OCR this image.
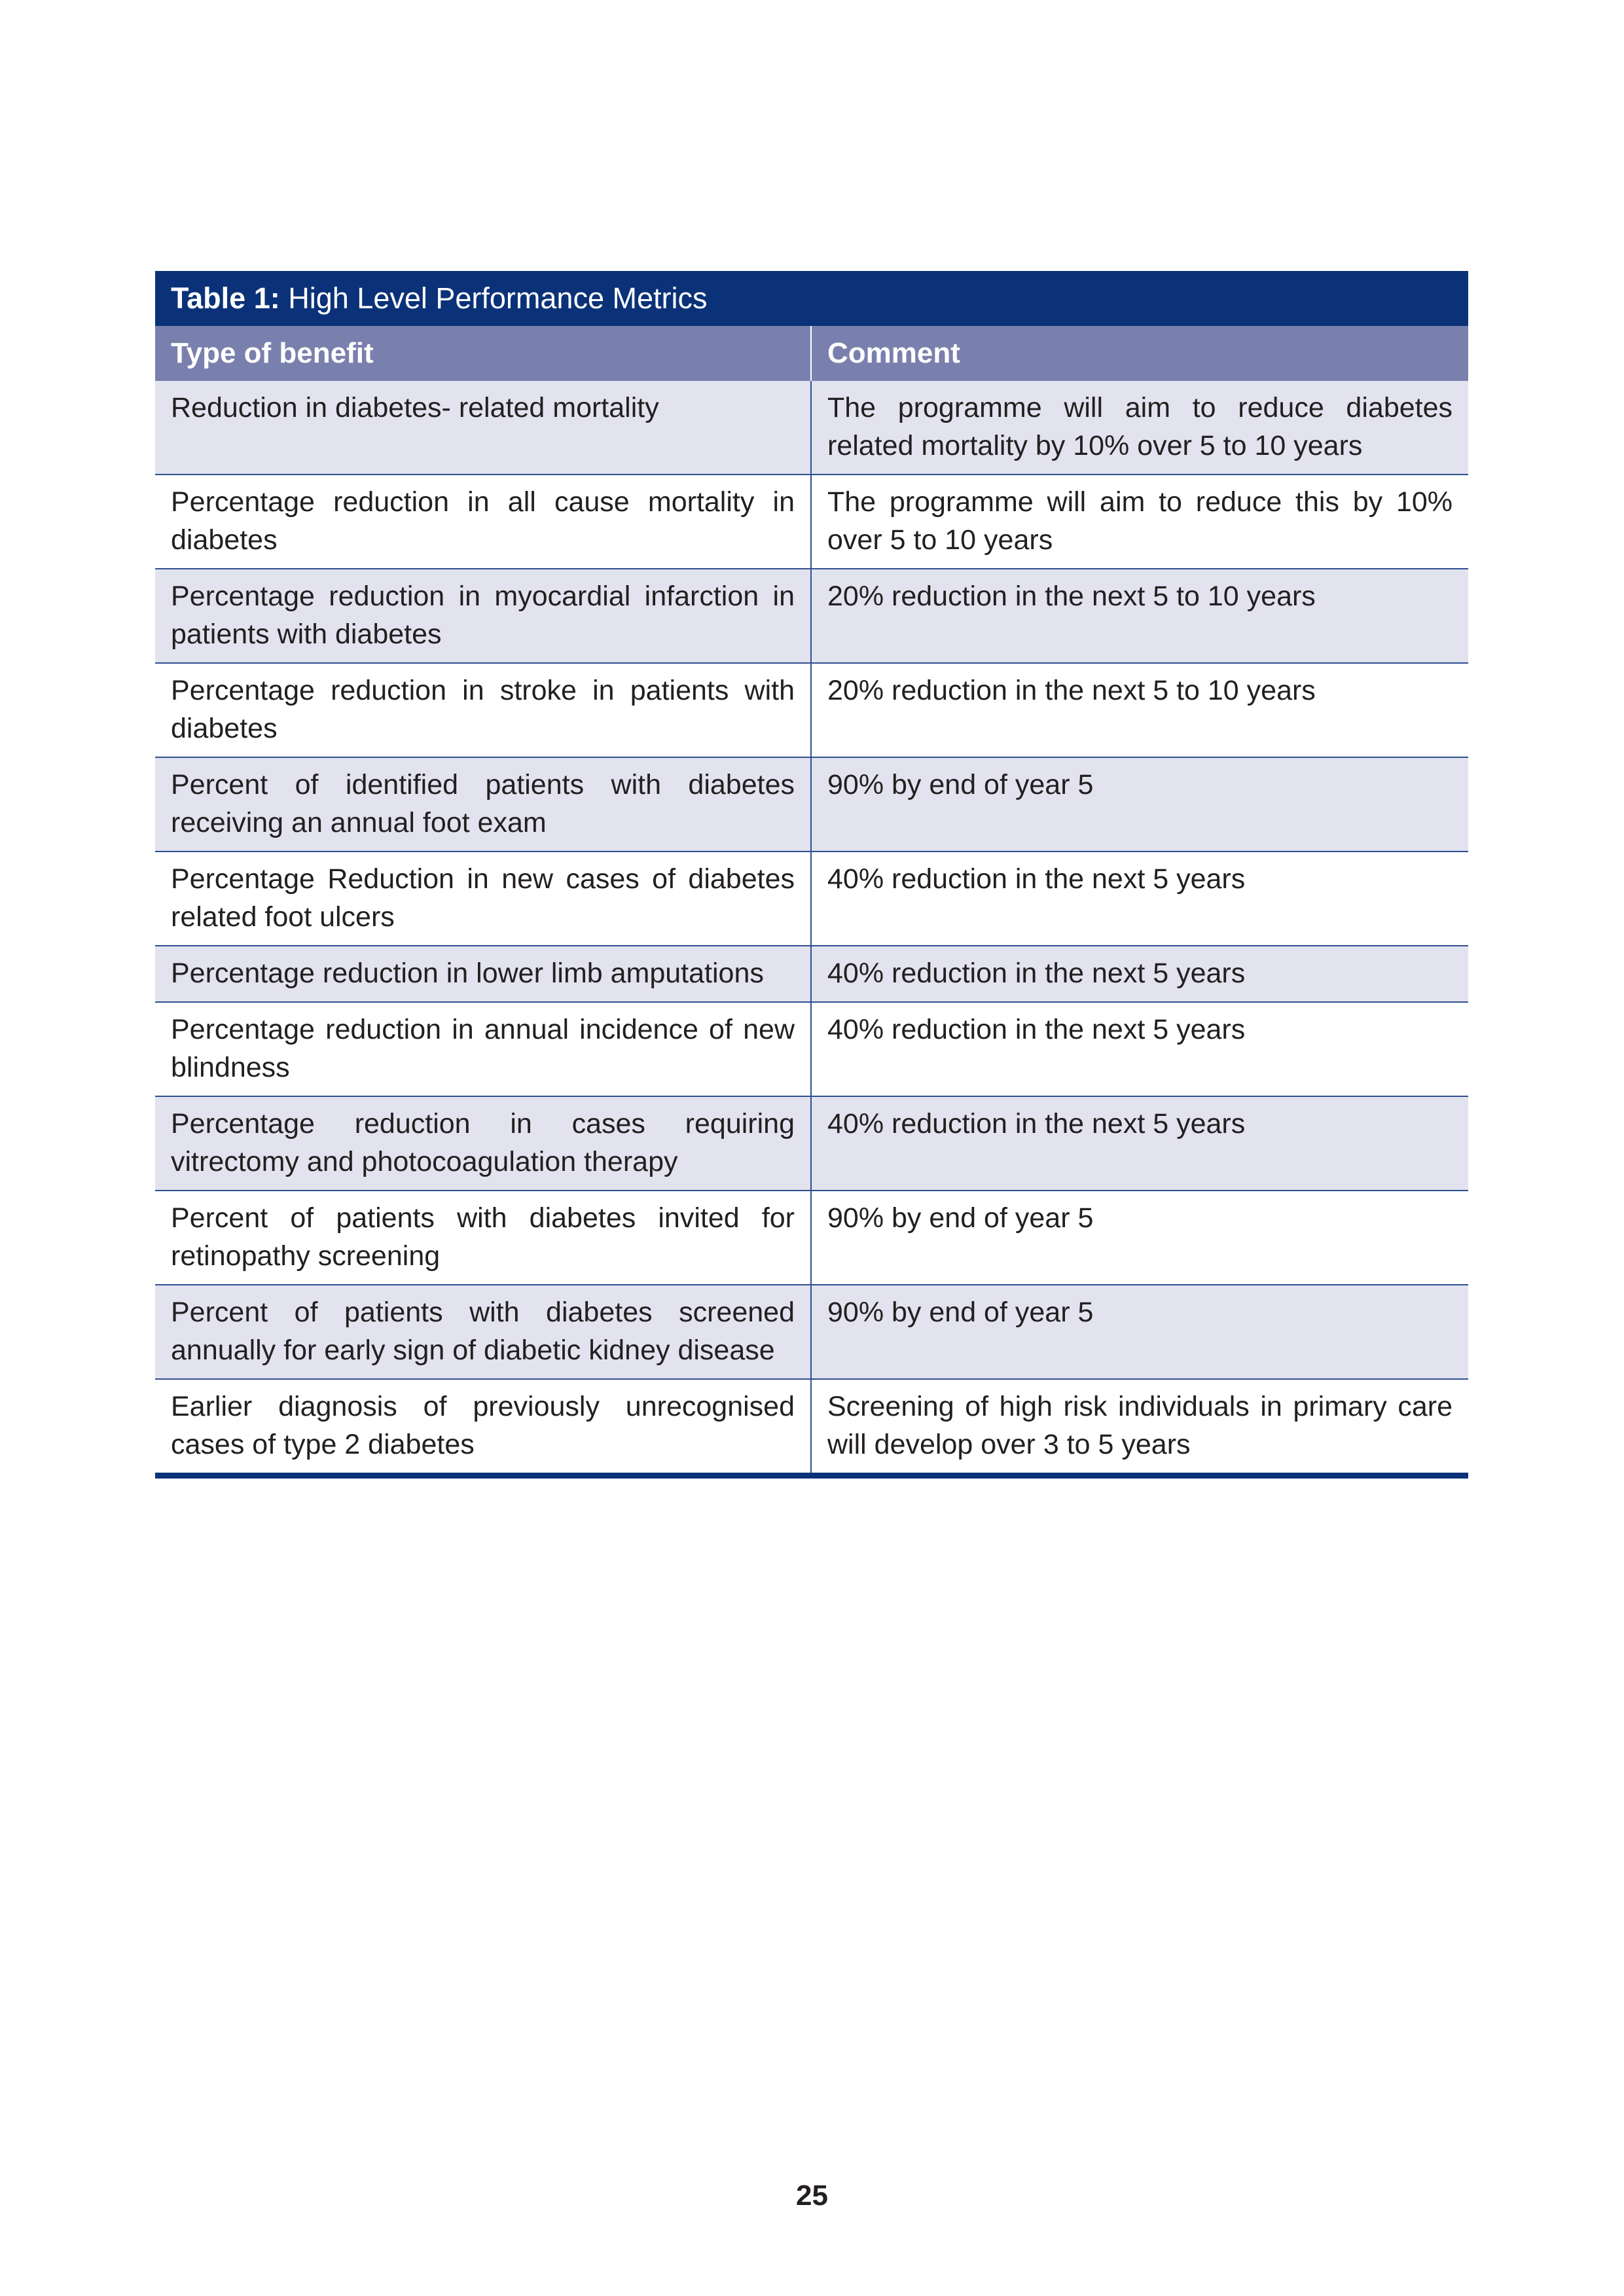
Table 1: High Level Performance Metrics	
Type of benefit	Comment
Reduction in diabetes- related mortality	The programme will aim to reduce diabetes related mortality by 10% over 5 to 10 years
Percentage reduction in all cause mortality in diabetes	The programme will aim to reduce this by 10% over 5 to 10 years
Percentage reduction in myocardial infarction in patients with diabetes	20% reduction in the next 5 to 10 years
Percentage reduction in stroke in patients with diabetes	20% reduction in the next 5 to 10 years
Percent of identified patients with diabetes receiving an annual foot exam	90% by end of year 5
Percentage Reduction in new cases of diabetes related foot ulcers	40% reduction in the next 5 years
Percentage reduction in lower limb amputations	40% reduction in the next 5 years
Percentage reduction in annual incidence of new blindness	40% reduction in the next 5 years
Percentage reduction in cases requiring vitrectomy and photocoagulation therapy	40% reduction in the next 5 years
Percent of patients with diabetes invited for retinopathy screening	90% by end of year 5
Percent of patients with diabetes screened annually for early sign of diabetic kidney disease	90% by end of year 5
Earlier diagnosis of previously unrecognised cases of type 2 diabetes	Screening of high risk individuals in primary care will develop over 3 to 5 years
25
